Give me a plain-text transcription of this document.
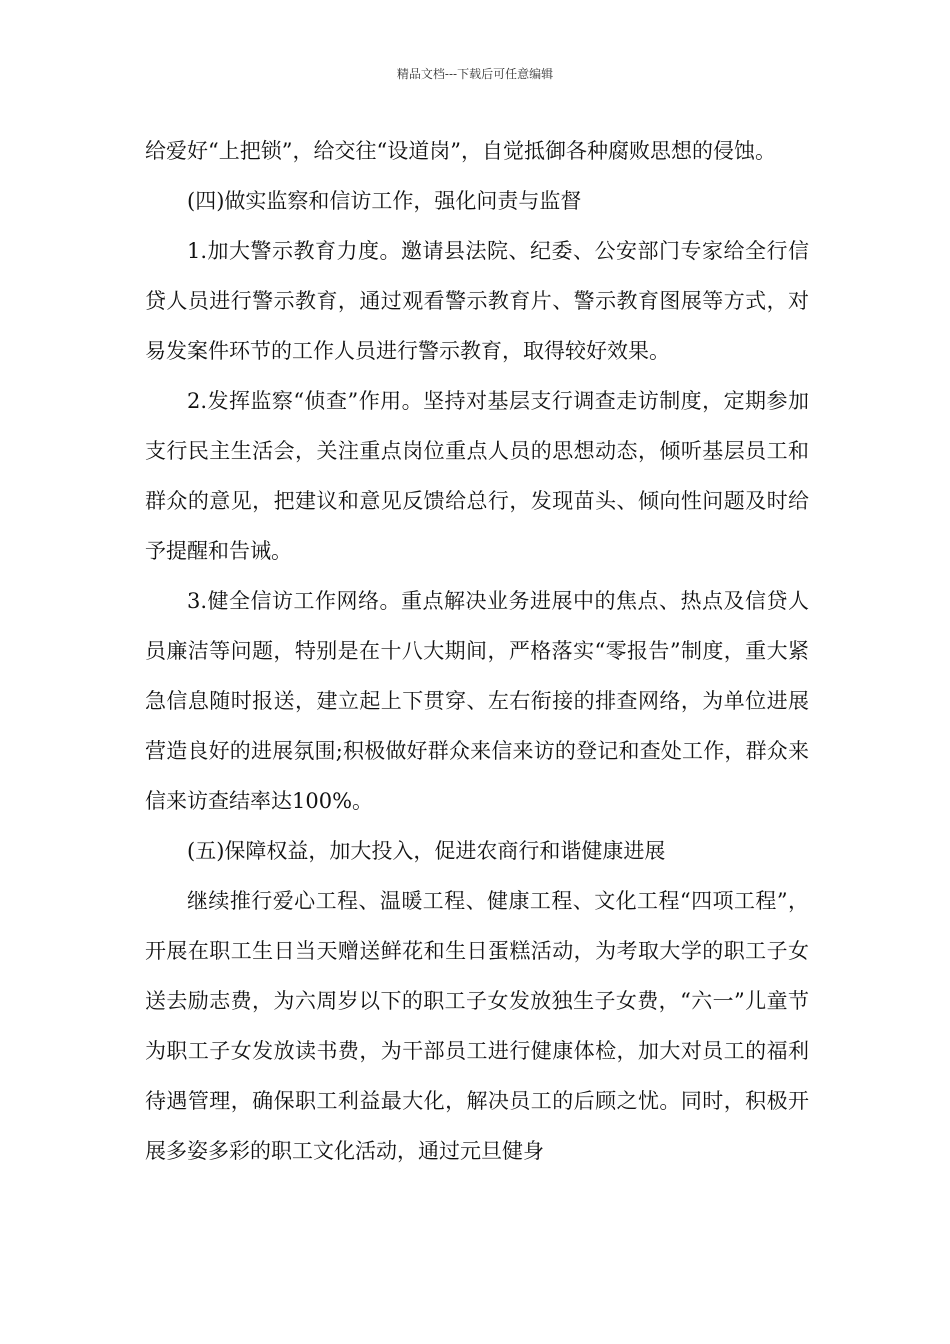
精品文档---下载后可任意编辑

给爱好“上把锁”，给交往“设道岗”，自觉抵御各种腐败思想的侵蚀。

(四)做实监察和信访工作，强化问责与监督

1.加大警示教育力度。邀请县法院、纪委、公安部门专家给全行信贷人员进行警示教育，通过观看警示教育片、警示教育图展等方式，对易发案件环节的工作人员进行警示教育，取得较好效果。

2.发挥监察“侦查”作用。坚持对基层支行调查走访制度，定期参加支行民主生活会，关注重点岗位重点人员的思想动态，倾听基层员工和群众的意见，把建议和意见反馈给总行，发现苗头、倾向性问题及时给予提醒和告诫。

3.健全信访工作网络。重点解决业务进展中的焦点、热点及信贷人员廉洁等问题，特别是在十八大期间，严格落实“零报告”制度，重大紧急信息随时报送，建立起上下贯穿、左右衔接的排查网络，为单位进展营造良好的进展氛围;积极做好群众来信来访的登记和查处工作，群众来信来访查结率达100%。

(五)保障权益，加大投入，促进农商行和谐健康进展

继续推行爱心工程、温暖工程、健康工程、文化工程“四项工程”，开展在职工生日当天赠送鲜花和生日蛋糕活动，为考取大学的职工子女送去励志费，为六周岁以下的职工子女发放独生子女费，“六一”儿童节为职工子女发放读书费，为干部员工进行健康体检，加大对员工的福利待遇管理，确保职工利益最大化，解决员工的后顾之忧。同时，积极开展多姿多彩的职工文化活动，通过元旦健身
